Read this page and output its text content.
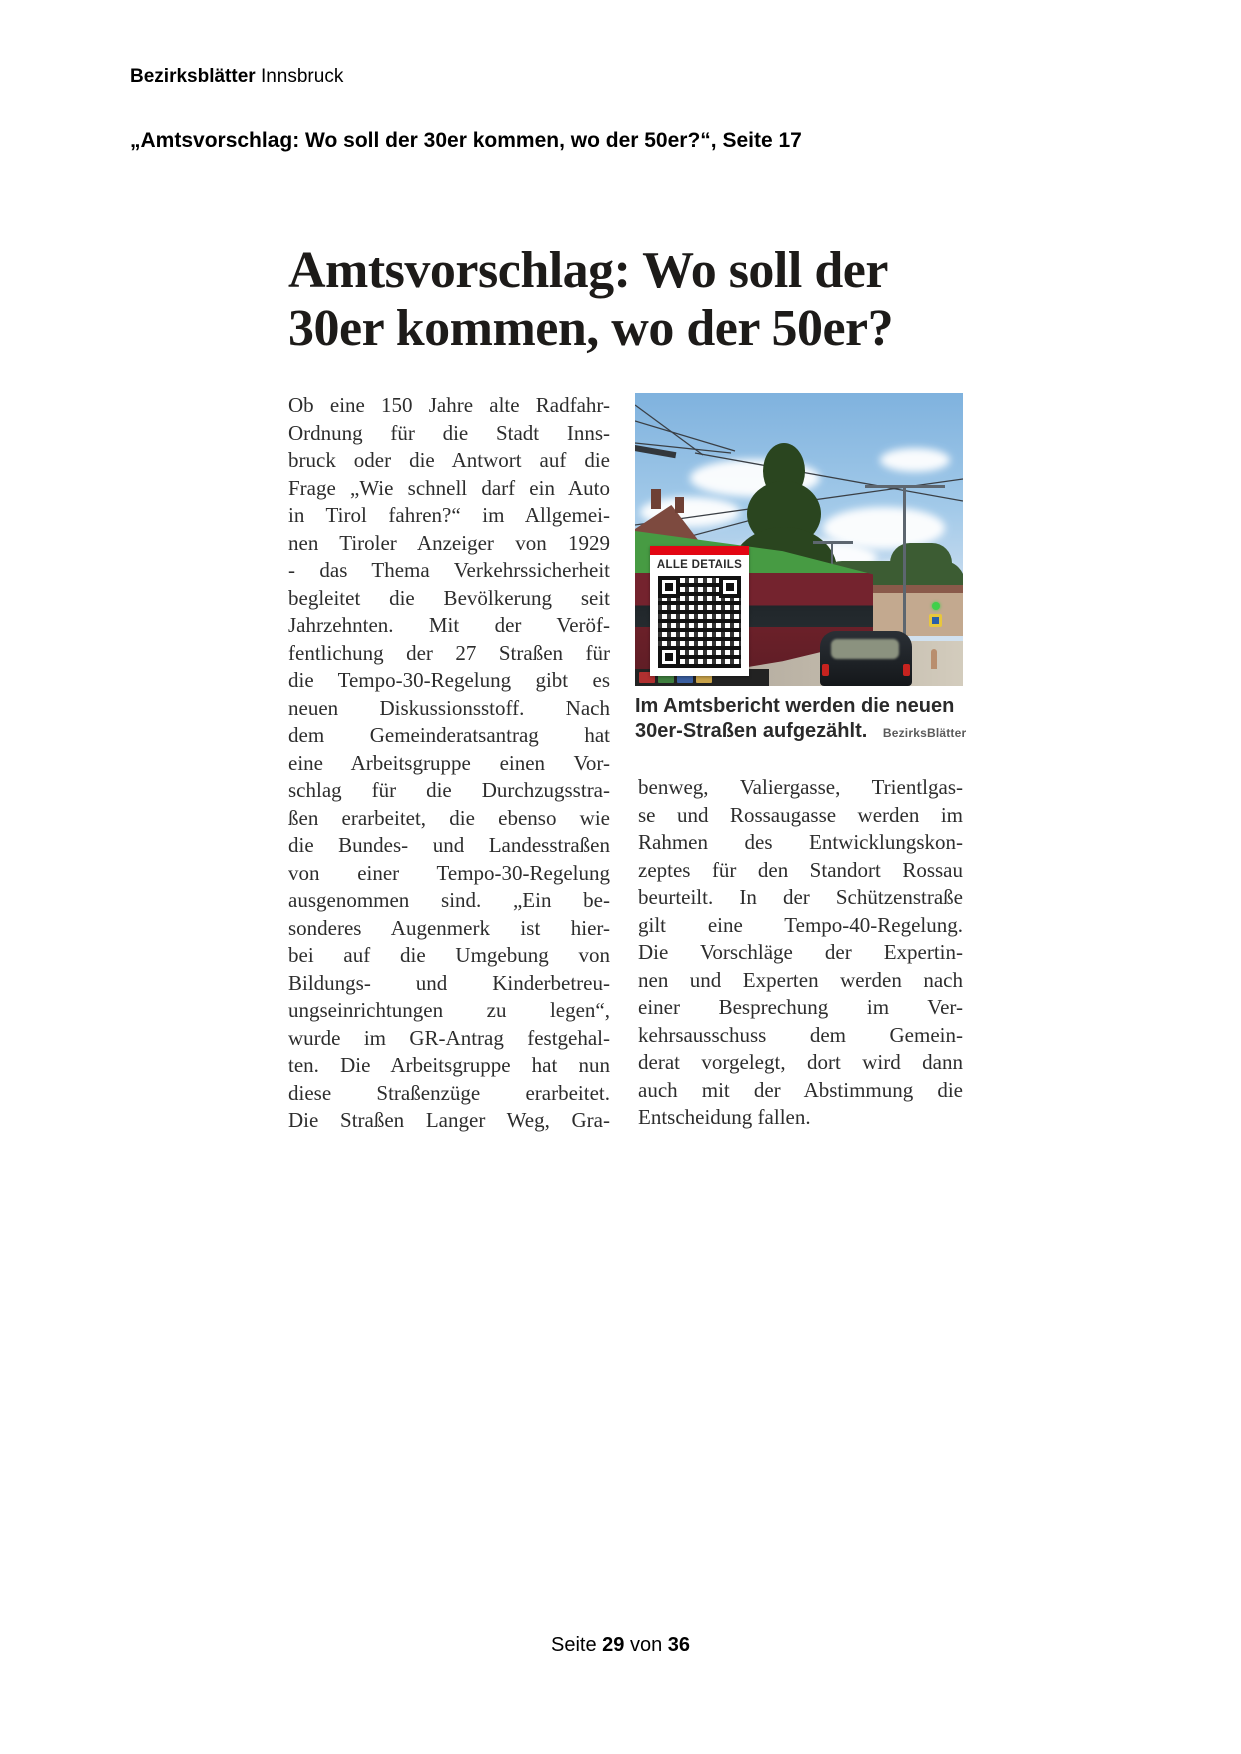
Bezirksblätter Innsbruck
„Amtsvorschlag: Wo soll der 30er kommen, wo der 50er?“, Seite 17
Amtsvorschlag: Wo soll der
30er kommen, wo der 50er?
Ob eine 150 Jahre alte Radfahr-
Ordnung für die Stadt Inns-
bruck oder die Antwort auf die
Frage „Wie schnell darf ein Auto
in Tirol fahren?“ im Allgemei-
nen Tiroler Anzeiger von 1929
- das Thema Verkehrssicherheit
begleitet die Bevölkerung seit
Jahrzehnten. Mit der Veröf-
fentlichung der 27 Straßen für
die Tempo-30-Regelung gibt es
neuen Diskussionsstoff. Nach
dem Gemeinderatsantrag hat
eine Arbeitsgruppe einen Vor-
schlag für die Durchzugsstra-
ßen erarbeitet, die ebenso wie
die Bundes- und Landesstraßen
von einer Tempo-30-Regelung
ausgenommen sind. „Ein be-
sonderes Augenmerk ist hier-
bei auf die Umgebung von
Bildungs- und Kinderbetreu-
ungseinrichtungen zu legen“,
wurde im GR-Antrag festgehal-
ten. Die Arbeitsgruppe hat nun
diese Straßenzüge erarbeitet.
Die Straßen Langer Weg, Gra-
ALLE DETAILS
Im Amtsbericht werden die neuen 30er-Straßen aufgezählt. BezirksBlätter
benweg, Valiergasse, Trientlgas-
se und Rossaugasse werden im
Rahmen des Entwicklungskon-
zeptes für den Standort Rossau
beurteilt. In der Schützenstraße
gilt eine Tempo-40-Regelung.
Die Vorschläge der Expertin-
nen und Experten werden nach
einer Besprechung im Ver-
kehrsausschuss dem Gemein-
derat vorgelegt, dort wird dann
auch mit der Abstimmung die
Entscheidung fallen.
Seite 29 von 36
